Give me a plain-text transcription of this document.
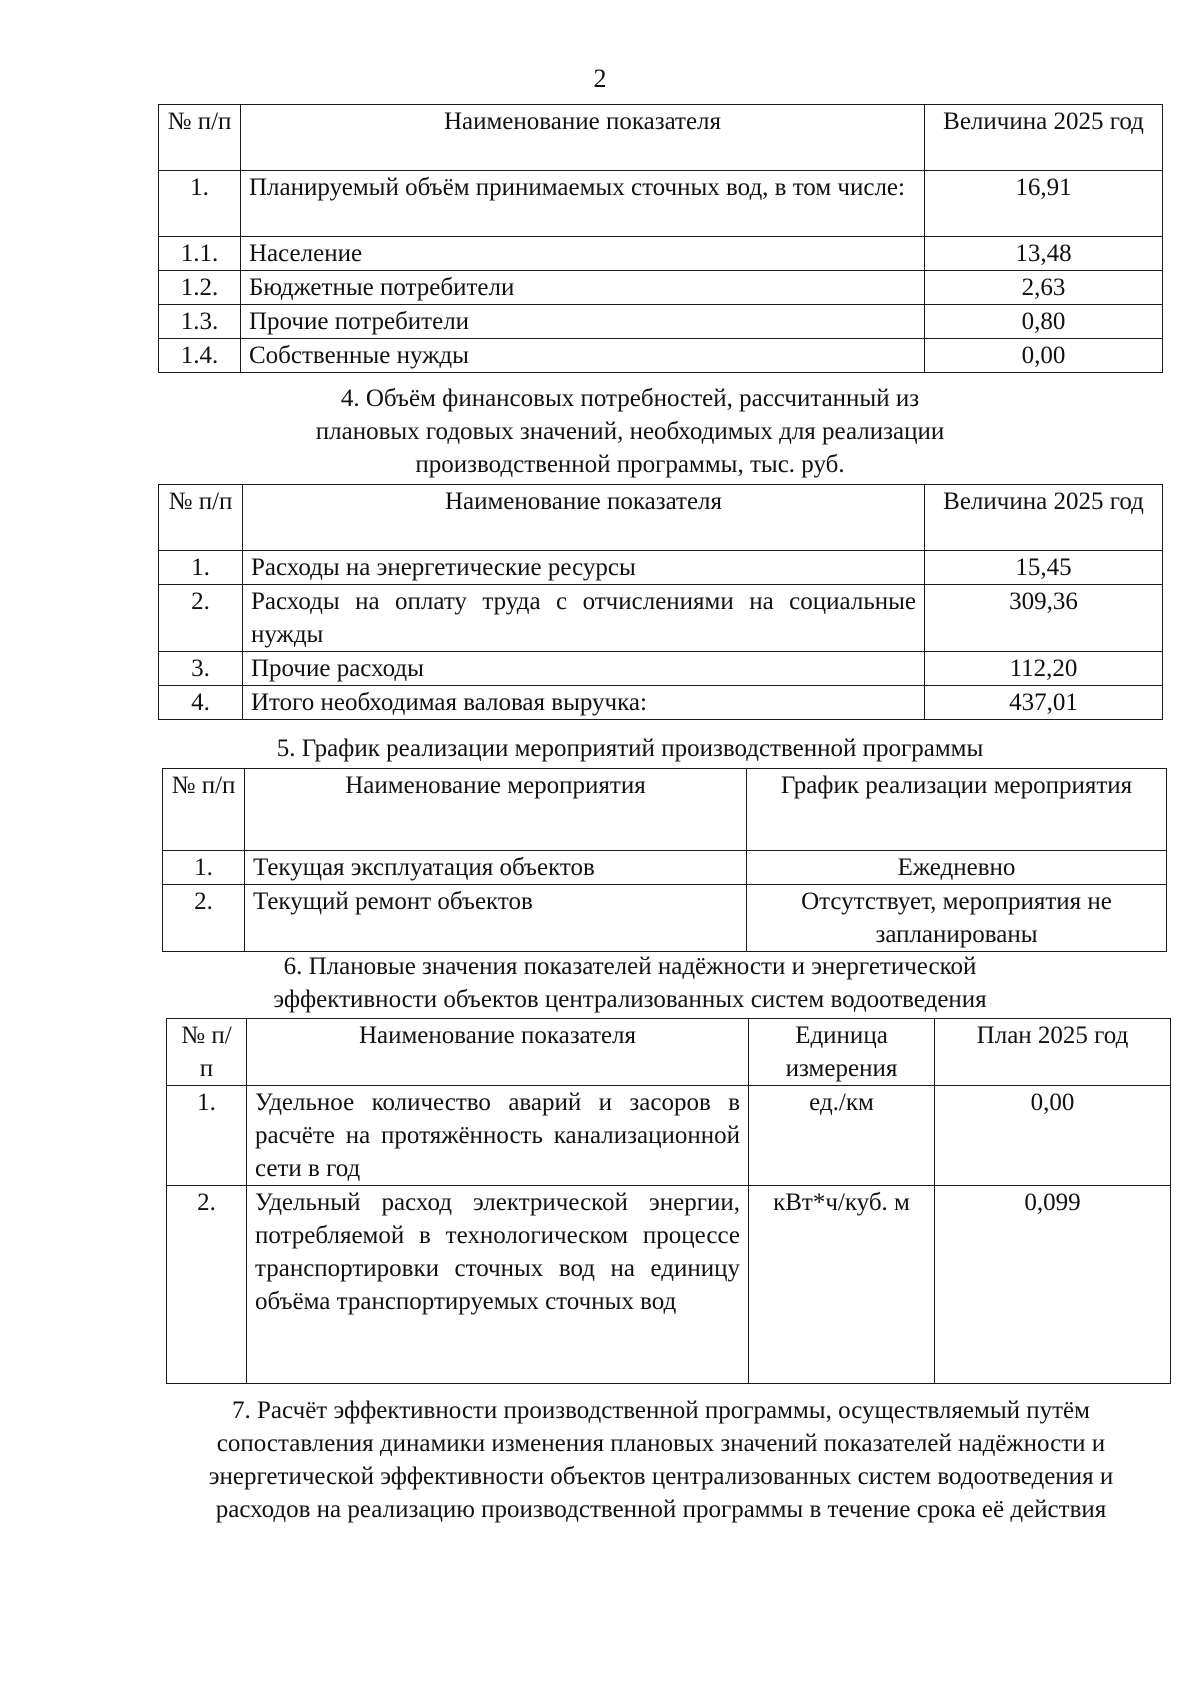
2
№ п/п	Наименование показателя	Величина 2025 год
1.	Планируемый объём принимаемых сточных вод, в том числе:	16,91
1.1.	Население	13,48
1.2.	Бюджетные потребители	2,63
1.3.	Прочие потребители	0,80
1.4.	Собственные нужды	0,00
4. Объём финансовых потребностей, рассчитанный из плановых годовых значений, необходимых для реализации производственной программы, тыс. руб.
№ п/п	Наименование показателя	Величина 2025 год
1.	Расходы на энергетические ресурсы	15,45
2.	Расходы на оплату труда с отчислениями на социальные нужды	309,36
3.	Прочие расходы	112,20
4.	Итого необходимая валовая выручка:	437,01
5. График реализации мероприятий производственной программы
№ п/п	Наименование мероприятия	График реализации мероприятия
1.	Текущая эксплуатация объектов	Ежедневно
2.	Текущий ремонт объектов	Отсутствует, мероприятия не запланированы
6. Плановые значения показателей надёжности и энергетической эффективности объектов централизованных систем водоотведения
№ п/п	Наименование показателя	Единица измерения	План 2025 год
1.	Удельное количество аварий и засоров в расчёте на протяжённость канализационной сети в год	ед./км	0,00
2.	Удельный расход электрической энергии, потребляемой в технологическом процессе транспортировки сточных вод на единицу объёма транспортируемых сточных вод	кВт*ч/куб. м	0,099
7. Расчёт эффективности производственной программы, осуществляемый путём сопоставления динамики изменения плановых значений показателей надёжности и энергетической эффективности объектов централизованных систем водоотведения и расходов на реализацию производственной программы в течение срока её действия
